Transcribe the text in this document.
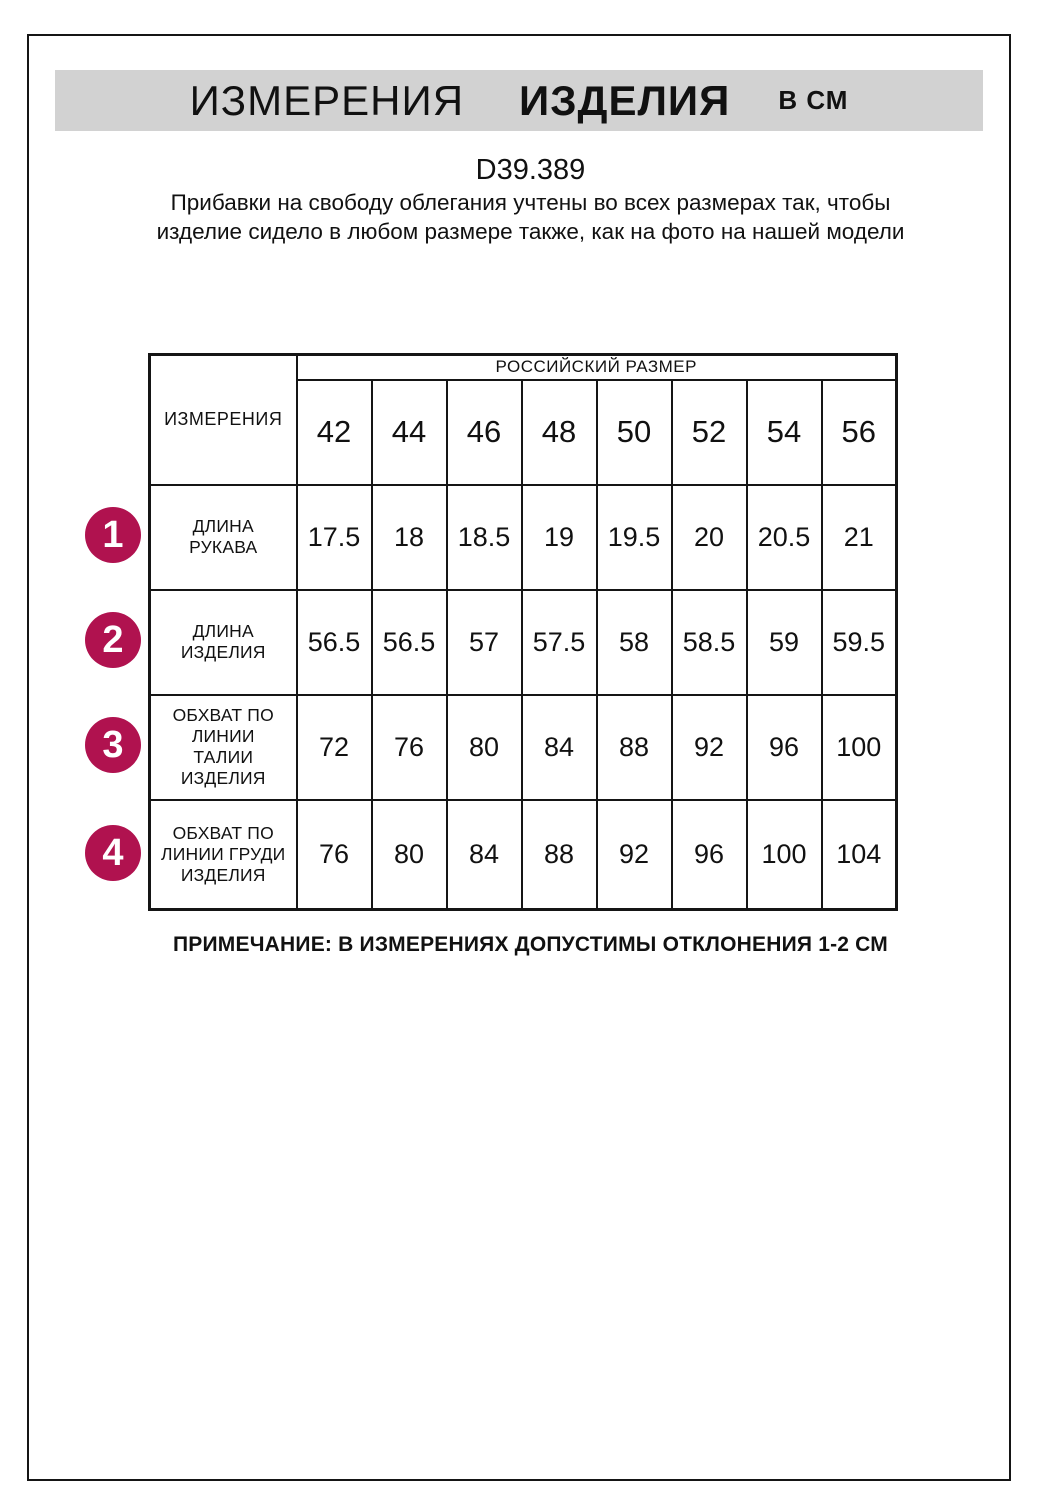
ИЗМЕРЕНИЯ ИЗДЕЛИЯ В СМ
D39.389
Прибавки на свободу облегания учтены во всех размерах так, чтобы изделие сидело в любом размере также, как на фото на нашей модели
ИЗМЕРЕНИЯ	РОССИЙСКИЙ РАЗМЕР							
	42	44	46	48	50	52	54	56
ДЛИНА РУКАВА	17.5	18	18.5	19	19.5	20	20.5	21
ДЛИНА ИЗДЕЛИЯ	56.5	56.5	57	57.5	58	58.5	59	59.5
ОБХВАТ ПО ЛИНИИ ТАЛИИ ИЗДЕЛИЯ	72	76	80	84	88	92	96	100
ОБХВАТ ПО ЛИНИИ ГРУДИ ИЗДЕЛИЯ	76	80	84	88	92	96	100	104
1
2
3
4
ПРИМЕЧАНИЕ: В ИЗМЕРЕНИЯХ ДОПУСТИМЫ ОТКЛОНЕНИЯ 1-2 СМ
